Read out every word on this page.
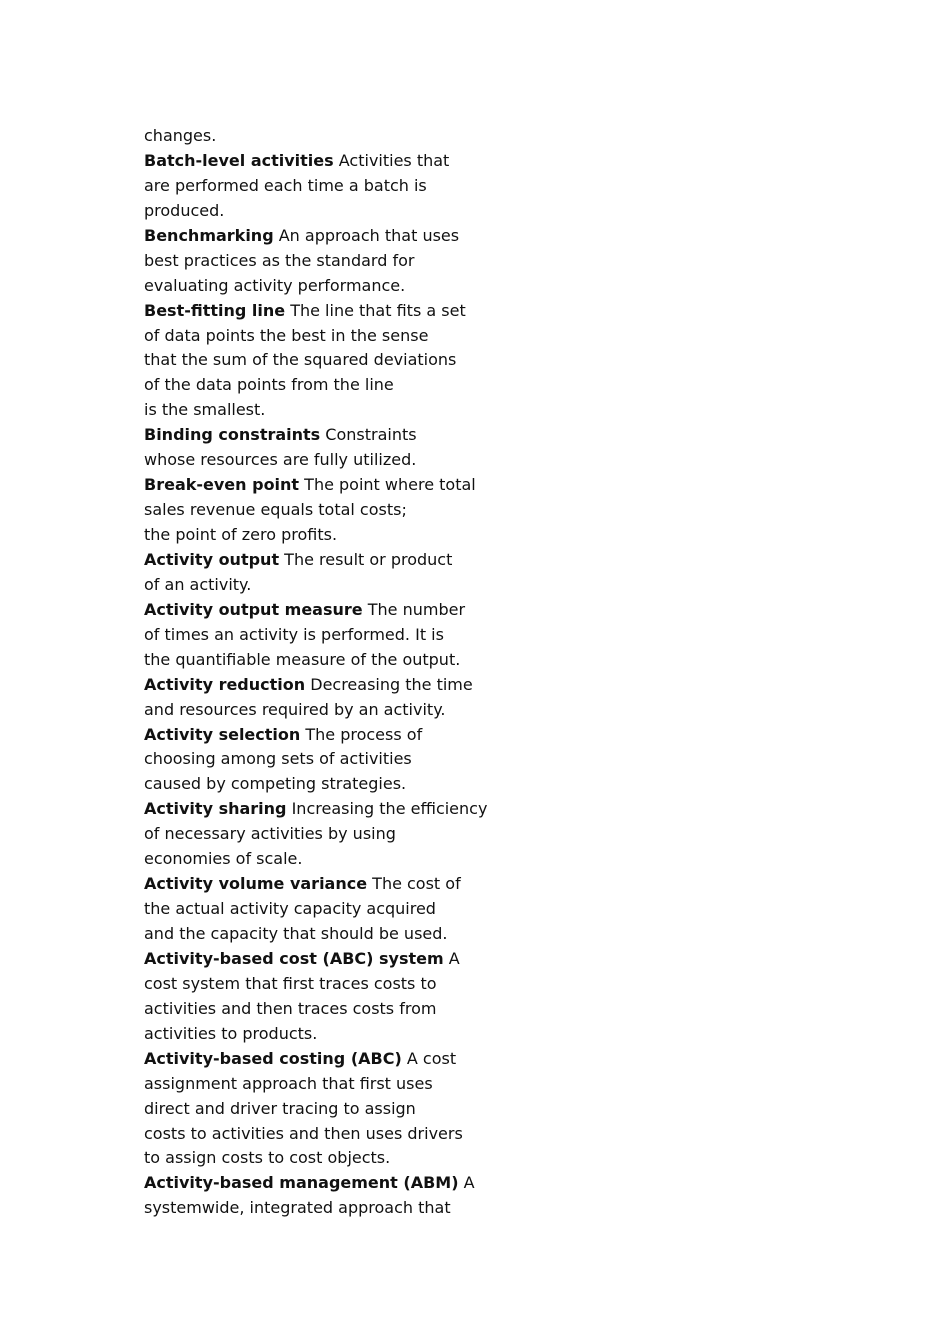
changes.
Batch-level activities Activities that
are performed each time a batch is
produced.
Benchmarking An approach that uses
best practices as the standard for
evaluating activity performance.
Best-fitting line The line that fits a set
of data points the best in the sense
that the sum of the squared deviations
of the data points from the line
is the smallest.
Binding constraints Constraints
whose resources are fully utilized.
Break-even point The point where total
sales revenue equals total costs;
the point of zero profits.
Activity output The result or product
of an activity.
Activity output measure The number
of times an activity is performed. It is
the quantifiable measure of the output.
Activity reduction Decreasing the time
and resources required by an activity.
Activity selection The process of
choosing among sets of activities
caused by competing strategies.
Activity sharing Increasing the efficiency
of necessary activities by using
economies of scale.
Activity volume variance The cost of
the actual activity capacity acquired
and the capacity that should be used.
Activity-based cost (ABC) system A
cost system that first traces costs to
activities and then traces costs from
activities to products.
Activity-based costing (ABC) A cost
assignment approach that first uses
direct and driver tracing to assign
costs to activities and then uses drivers
to assign costs to cost objects.
Activity-based management (ABM) A
systemwide, integrated approach that
